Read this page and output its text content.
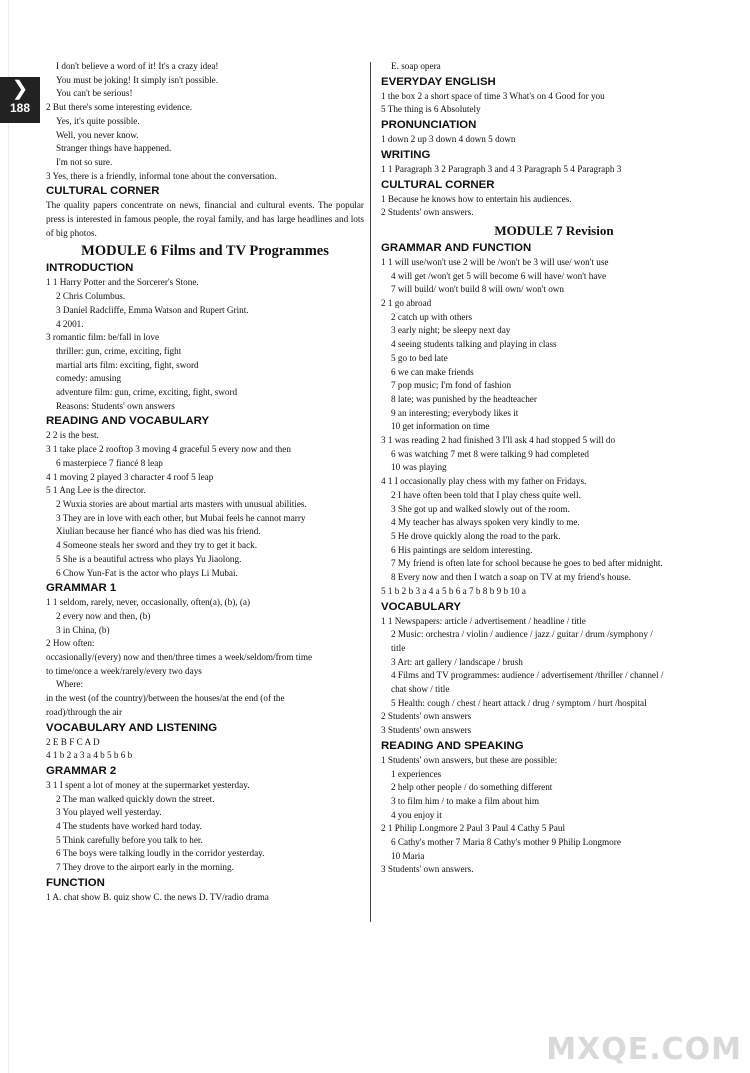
❯
188
I don't believe a word of it! It's a crazy idea!
You must be joking! It simply isn't possible.
You can't be serious!
2 But there's some interesting evidence.
Yes, it's quite possible.
Well, you never know.
Stranger things have happened.
I'm not so sure.
3 Yes, there is a friendly, informal tone about the conversation.
CULTURAL CORNER
The quality papers concentrate on news, financial and cultural events. The popular press is interested in famous people, the royal family, and has large headlines and lots of big photos.
MODULE 6 Films and TV Programmes
INTRODUCTION
1 1 Harry Potter and the Sorcerer's Stone.
2 Chris Columbus.
3 Daniel Radcliffe, Emma Watson and Rupert Grint.
4 2001.
3 romantic film: be/fall in love
thriller: gun, crime, exciting, fight
martial arts film: exciting, fight, sword
comedy: amusing
adventure film: gun, crime, exciting, fight, sword
Reasons: Students' own answers
READING AND VOCABULARY
2 2 is the best.
3 1 take place 2 rooftop 3 moving 4 graceful 5 every now and then
6 masterpiece 7 fiancé 8 leap
4 1 moving 2 played 3 character 4 roof 5 leap
5 1 Ang Lee is the director.
2 Wuxia stories are about martial arts masters with unusual abilities.
3 They are in love with each other, but Mubai feels he cannot marry
Xiulian because her fiancé who has died was his friend.
4 Someone steals her sword and they try to get it back.
5 She is a beautiful actress who plays Yu Jiaolong.
6 Chow Yun-Fat is the actor who plays Li Mubai.
GRAMMAR 1
1 1 seldom, rarely, never, occasionally, often(a), (b), (a)
2 every now and then, (b)
3 in China, (b)
2 How often:
occasionally/(every) now and then/three times a week/seldom/from time
to time/once a week/rarely/every two days
Where:
in the west (of the country)/between the houses/at the end (of the
road)/through the air
VOCABULARY AND LISTENING
2 E B F C A D
4 1 b 2 a 3 a 4 b 5 b 6 b
GRAMMAR 2
3 1 I spent a lot of money at the supermarket yesterday.
2 The man walked quickly down the street.
3 You played well yesterday.
4 The students have worked hard today.
5 Think carefully before you talk to her.
6 The boys were talking loudly in the corridor yesterday.
7 They drove to the airport early in the morning.
FUNCTION
1 A. chat show B. quiz show C. the news D. TV/radio drama
E. soap opera
EVERYDAY ENGLISH
1 the box 2 a short space of time 3 What's on 4 Good for you
5 The thing is 6 Absolutely
PRONUNCIATION
1 down 2 up 3 down 4 down 5 down
WRITING
1 1 Paragraph 3 2 Paragraph 3 and 4 3 Paragraph 5 4 Paragraph 3
CULTURAL CORNER
1 Because he knows how to entertain his audiences.
2 Students' own answers.
MODULE 7 Revision
GRAMMAR AND FUNCTION
1 1 will use/won't use 2 will be /won't be 3 will use/ won't use
4 will get /won't get 5 will become 6 will have/ won't have
7 will build/ won't build 8 will own/ won't own
2 1 go abroad
2 catch up with others
3 early night; be sleepy next day
4 seeing students talking and playing in class
5 go to bed late
6 we can make friends
7 pop music; I'm fond of fashion
8 late; was punished by the headteacher
9 an interesting; everybody likes it
10 get information on time
3 1 was reading 2 had finished 3 I'll ask 4 had stopped 5 will do
6 was watching 7 met 8 were talking 9 had completed
10 was playing
4 1 I occasionally play chess with my father on Fridays.
2 I have often been told that I play chess quite well.
3 She got up and walked slowly out of the room.
4 My teacher has always spoken very kindly to me.
5 He drove quickly along the road to the park.
6 His paintings are seldom interesting.
7 My friend is often late for school because he goes to bed after midnight.
8 Every now and then I watch a soap on TV at my friend's house.
5 1 b 2 b 3 a 4 a 5 b 6 a 7 b 8 b 9 b 10 a
VOCABULARY
1 1 Newspapers: article / advertisement / headline / title
2 Music: orchestra / violin / audience / jazz / guitar / drum /symphony /
title
3 Art: art gallery / landscape / brush
4 Films and TV programmes: audience / advertisement /thriller / channel /
chat show / title
5 Health: cough / chest / heart attack / drug / symptom / hurt /hospital
2 Students' own answers
3 Students' own answers
READING AND SPEAKING
1 Students' own answers, but these are possible:
1 experiences
2 help other people / do something different
3 to film him / to make a film about him
4 you enjoy it
2 1 Philip Longmore 2 Paul 3 Paul 4 Cathy 5 Paul
6 Cathy's mother 7 Maria 8 Cathy's mother 9 Philip Longmore
10 Maria
3 Students' own answers.
MXQE.COM
